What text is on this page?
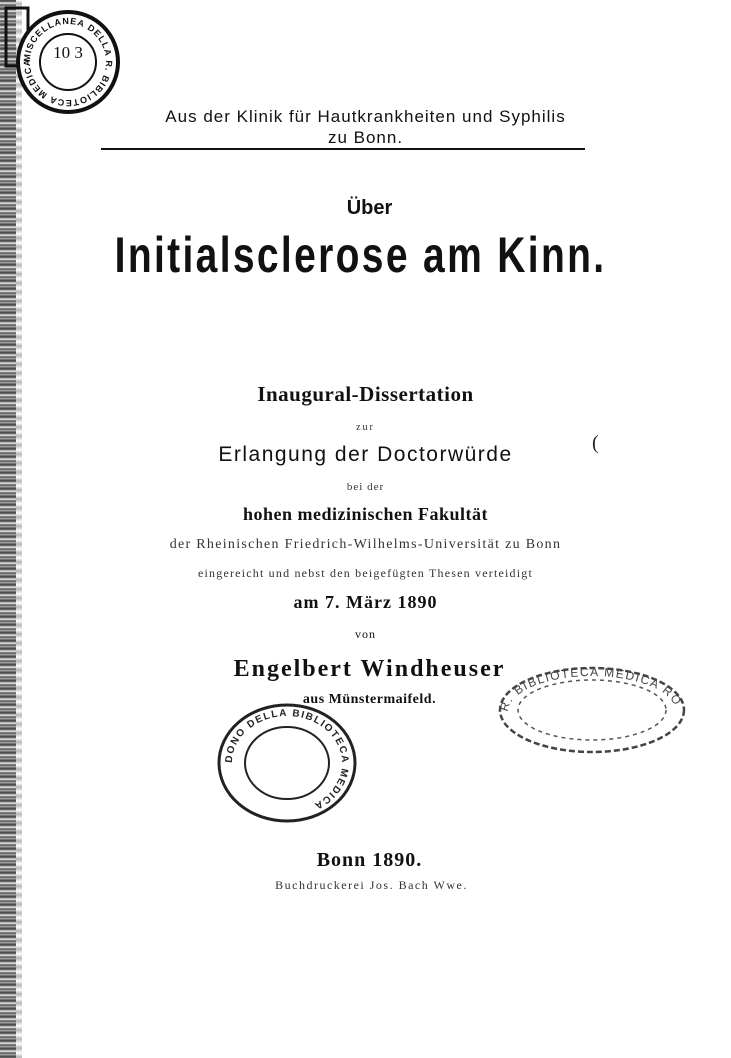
MISCELLANEA DELLA R. BIBLIOTECA MEDICA
10 3
Aus der Klinik für Hautkrankheiten und Syphilis
zu Bonn.
Über
Initialsclerose am Kinn.
Inaugural-Dissertation
zur
Erlangung der Doctorwürde	(
bei der
hohen medizinischen Fakultät
der Rheinischen Friedrich-Wilhelms-Universität zu Bonn
eingereicht und nebst den beigefügten Thesen verteidigt
am 7. März 1890
von
Engelbert Windheuser
aus Münstermaifeld.
DONO DELLA BIBLIOTECA MEDICA
R. BIBLIOTECA MEDICA RO
Bonn 1890.
Buchdruckerei Jos. Bach Wwe.
